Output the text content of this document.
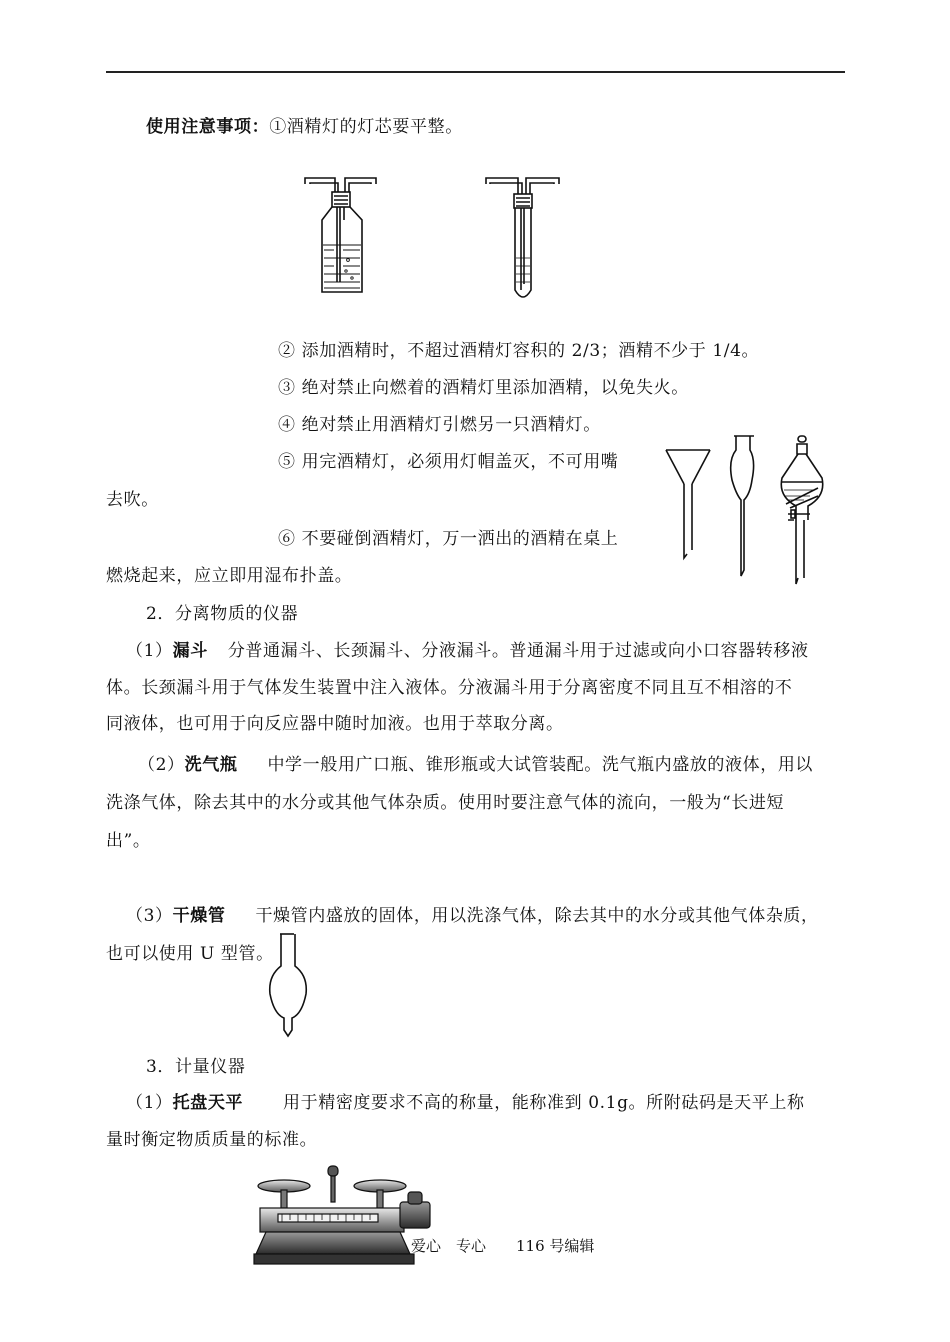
使用注意事项：①酒精灯的灯芯要平整。
② 添加酒精时，不超过酒精灯容积的 2/3；酒精不少于 1/4。
③ 绝对禁止向燃着的酒精灯里添加酒精，以免失火。
④ 绝对禁止用酒精灯引燃另一只酒精灯。
⑤ 用完酒精灯，必须用灯帽盖灭，不可用嘴
去吹。
⑥ 不要碰倒酒精灯，万一洒出的酒精在桌上
燃烧起来，应立即用湿布扑盖。
2．分离物质的仪器
（1）漏斗 分普通漏斗、长颈漏斗、分液漏斗。普通漏斗用于过滤或向小口容器转移液
体。长颈漏斗用于气体发生装置中注入液体。分液漏斗用于分离密度不同且互不相溶的不
同液体，也可用于向反应器中随时加液。也用于萃取分离。
（2）洗气瓶 中学一般用广口瓶、锥形瓶或大试管装配。洗气瓶内盛放的液体，用以
洗涤气体，除去其中的水分或其他气体杂质。使用时要注意气体的流向，一般为“长进短
出”。
（3）干燥管 干燥管内盛放的固体，用以洗涤气体，除去其中的水分或其他气体杂质，
也可以使用 U 型管。
3．计量仪器
（1）托盘天平 用于精密度要求不高的称量，能称准到 0.1g。所附砝码是天平上称
量时衡定物质质量的标准。
爱心　专心　　116 号编辑
